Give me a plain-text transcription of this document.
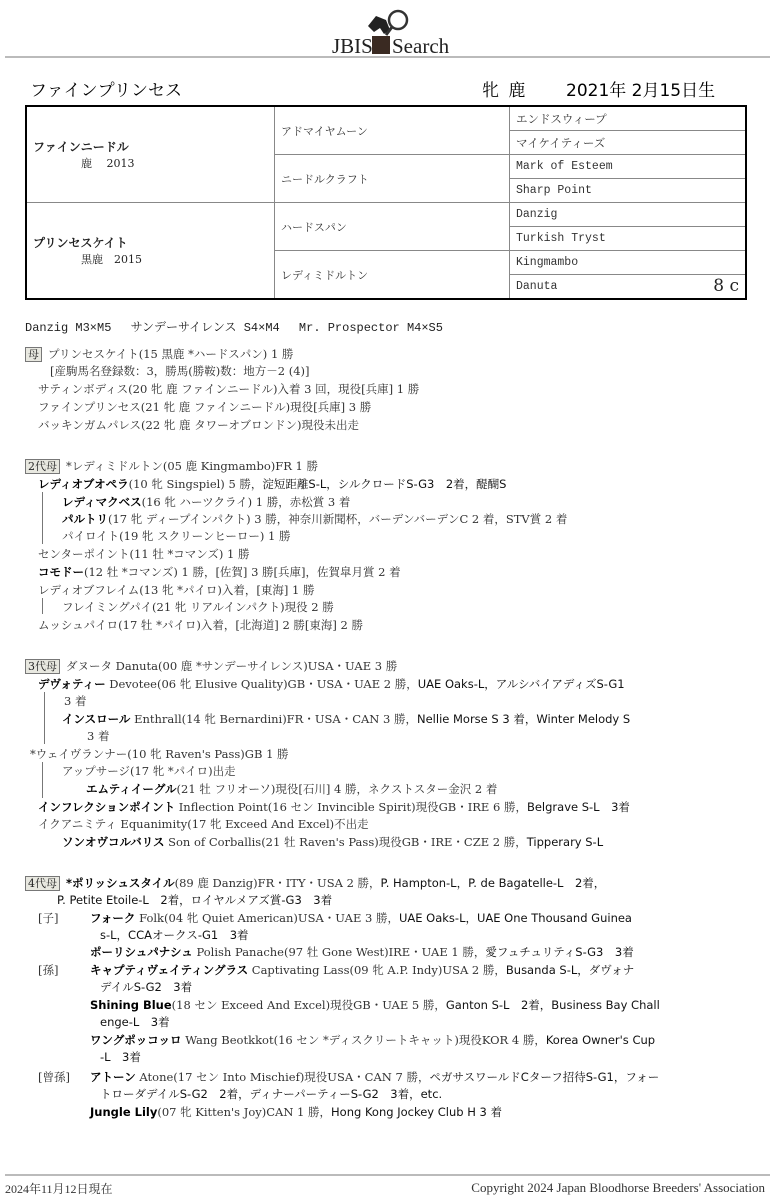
JBIS Search
ファインプリンセス	牝 鹿 2021年 2月15日生
ファインニードル
鹿　 2013	アドマイヤムーン	エンドスウィープ
		マイケイティーズ
	ニードルクラフト	Mark of Esteem
		Sharp Point

プリンセスケイト
黒鹿　2015	ハードスパン	Danzig
		Turkish Tryst
	レディミドルトン	Kingmambo
		Danuta 8 c
Danzig M3×M5　 サンデーサイレンス S4×M4　 Mr. Prospector M4×S5
母 プリンセスケイト(15 黒鹿 *ハードスパン) 1 勝
[産駒馬名登録数：3，勝馬(勝鞍)数：地方－2 (4)]
サティンボディス(20 牝 鹿 ファインニードル)入着 3 回，現役[兵庫] 1 勝
ファインプリンセス(21 牝 鹿 ファインニードル)現役[兵庫] 3 勝
バッキンガムパレス(22 牝 鹿 タワーオブロンドン)現役未出走
2代母 *レディミドルトン(05 鹿 Kingmambo)FR 1 勝
レディオブオペラ(10 牝 Singspiel) 5 勝，淀短距離S-L，シルクロードS-G3　2着，醍醐S
レディマクベス(16 牝 ハーツクライ) 1 勝，赤松賞 3 着
パルトリ(17 牝 ディープインパクト) 3 勝，神奈川新聞杯，バーデンバーデンC 2 着，STV賞 2 着
パイロイト(19 牝 スクリーンヒーロー) 1 勝
センターポイント(11 牡 *コマンズ) 1 勝
コモドー(12 牡 *コマンズ) 1 勝，[佐賀] 3 勝[兵庫]，佐賀皐月賞 2 着
レディオブフレイム(13 牝 *パイロ)入着，[東海] 1 勝
フレイミングパイ(21 牝 リアルインパクト)現役 2 勝
ムッシュパイロ(17 牡 *パイロ)入着，[北海道] 2 勝[東海] 2 勝
3代母 ダヌータ Danuta(00 鹿 *サンデーサイレンス)USA・UAE 3 勝
デヴォティー Devotee(06 牝 Elusive Quality)GB・USA・UAE 2 勝，UAE Oaks-L，アルシバイアディズS-G1
3 着
インスロール Enthrall(14 牝 Bernardini)FR・USA・CAN 3 勝，Nellie Morse S 3 着，Winter Melody S
3 着
*ウェイヴランナー(10 牝 Raven's Pass)GB 1 勝
アップサージ(17 牝 *パイロ)出走
エムティイーグル(21 牡 フリオーソ)現役[石川] 4 勝，ネクストスター金沢 2 着
インフレクションポイント Inflection Point(16 セン Invincible Spirit)現役GB・IRE 6 勝，Belgrave S-L　3着
イクアニミティ Equanimity(17 牝 Exceed And Excel)不出走
ソンオヴコルバリス Son of Corballis(21 牡 Raven's Pass)現役GB・IRE・CZE 2 勝，Tipperary S-L
4代母 *ポリッシュスタイル(89 鹿 Danzig)FR・ITY・USA 2 勝，P. Hampton-L，P. de Bagatelle-L　2着，
P. Petite Etoile-L　2着，ロイヤルメアズ賞-G3　3着
[子]	フォーク Folk(04 牝 Quiet American)USA・UAE 3 勝，UAE Oaks-L，UAE One Thousand Guinea
s-L，CCAオークス-G1　3着
ポーリシュパナシュ Polish Panache(97 牡 Gone West)IRE・UAE 1 勝，愛フュチュリティS-G3　3着
[孫]	キャプティヴェイティングラス Captivating Lass(09 牝 A.P. Indy)USA 2 勝，Busanda S-L，ダヴォナ
デイルS-G2　3着
Shining Blue(18 セン Exceed And Excel)現役GB・UAE 5 勝，Ganton S-L　2着，Business Bay Chall
enge-L　3着
ワングポッコッロ Wang Beotkkot(16 セン *ディスクリートキャット)現役KOR 4 勝，Korea Owner's Cup
-L　3着
[曾孫] アトーン Atone(17 セン Into Mischief)現役USA・CAN 7 勝，ペガサスワールドCターフ招待S-G1，フォー
トローダデイルS-G2　2着，ディナーパーティーS-G2　3着，etc.
Jungle Lily(07 牝 Kitten's Joy)CAN 1 勝，Hong Kong Jockey Club H 3 着
2024年11月12日現在	Copyright 2024 Japan Bloodhorse Breeders' Association
